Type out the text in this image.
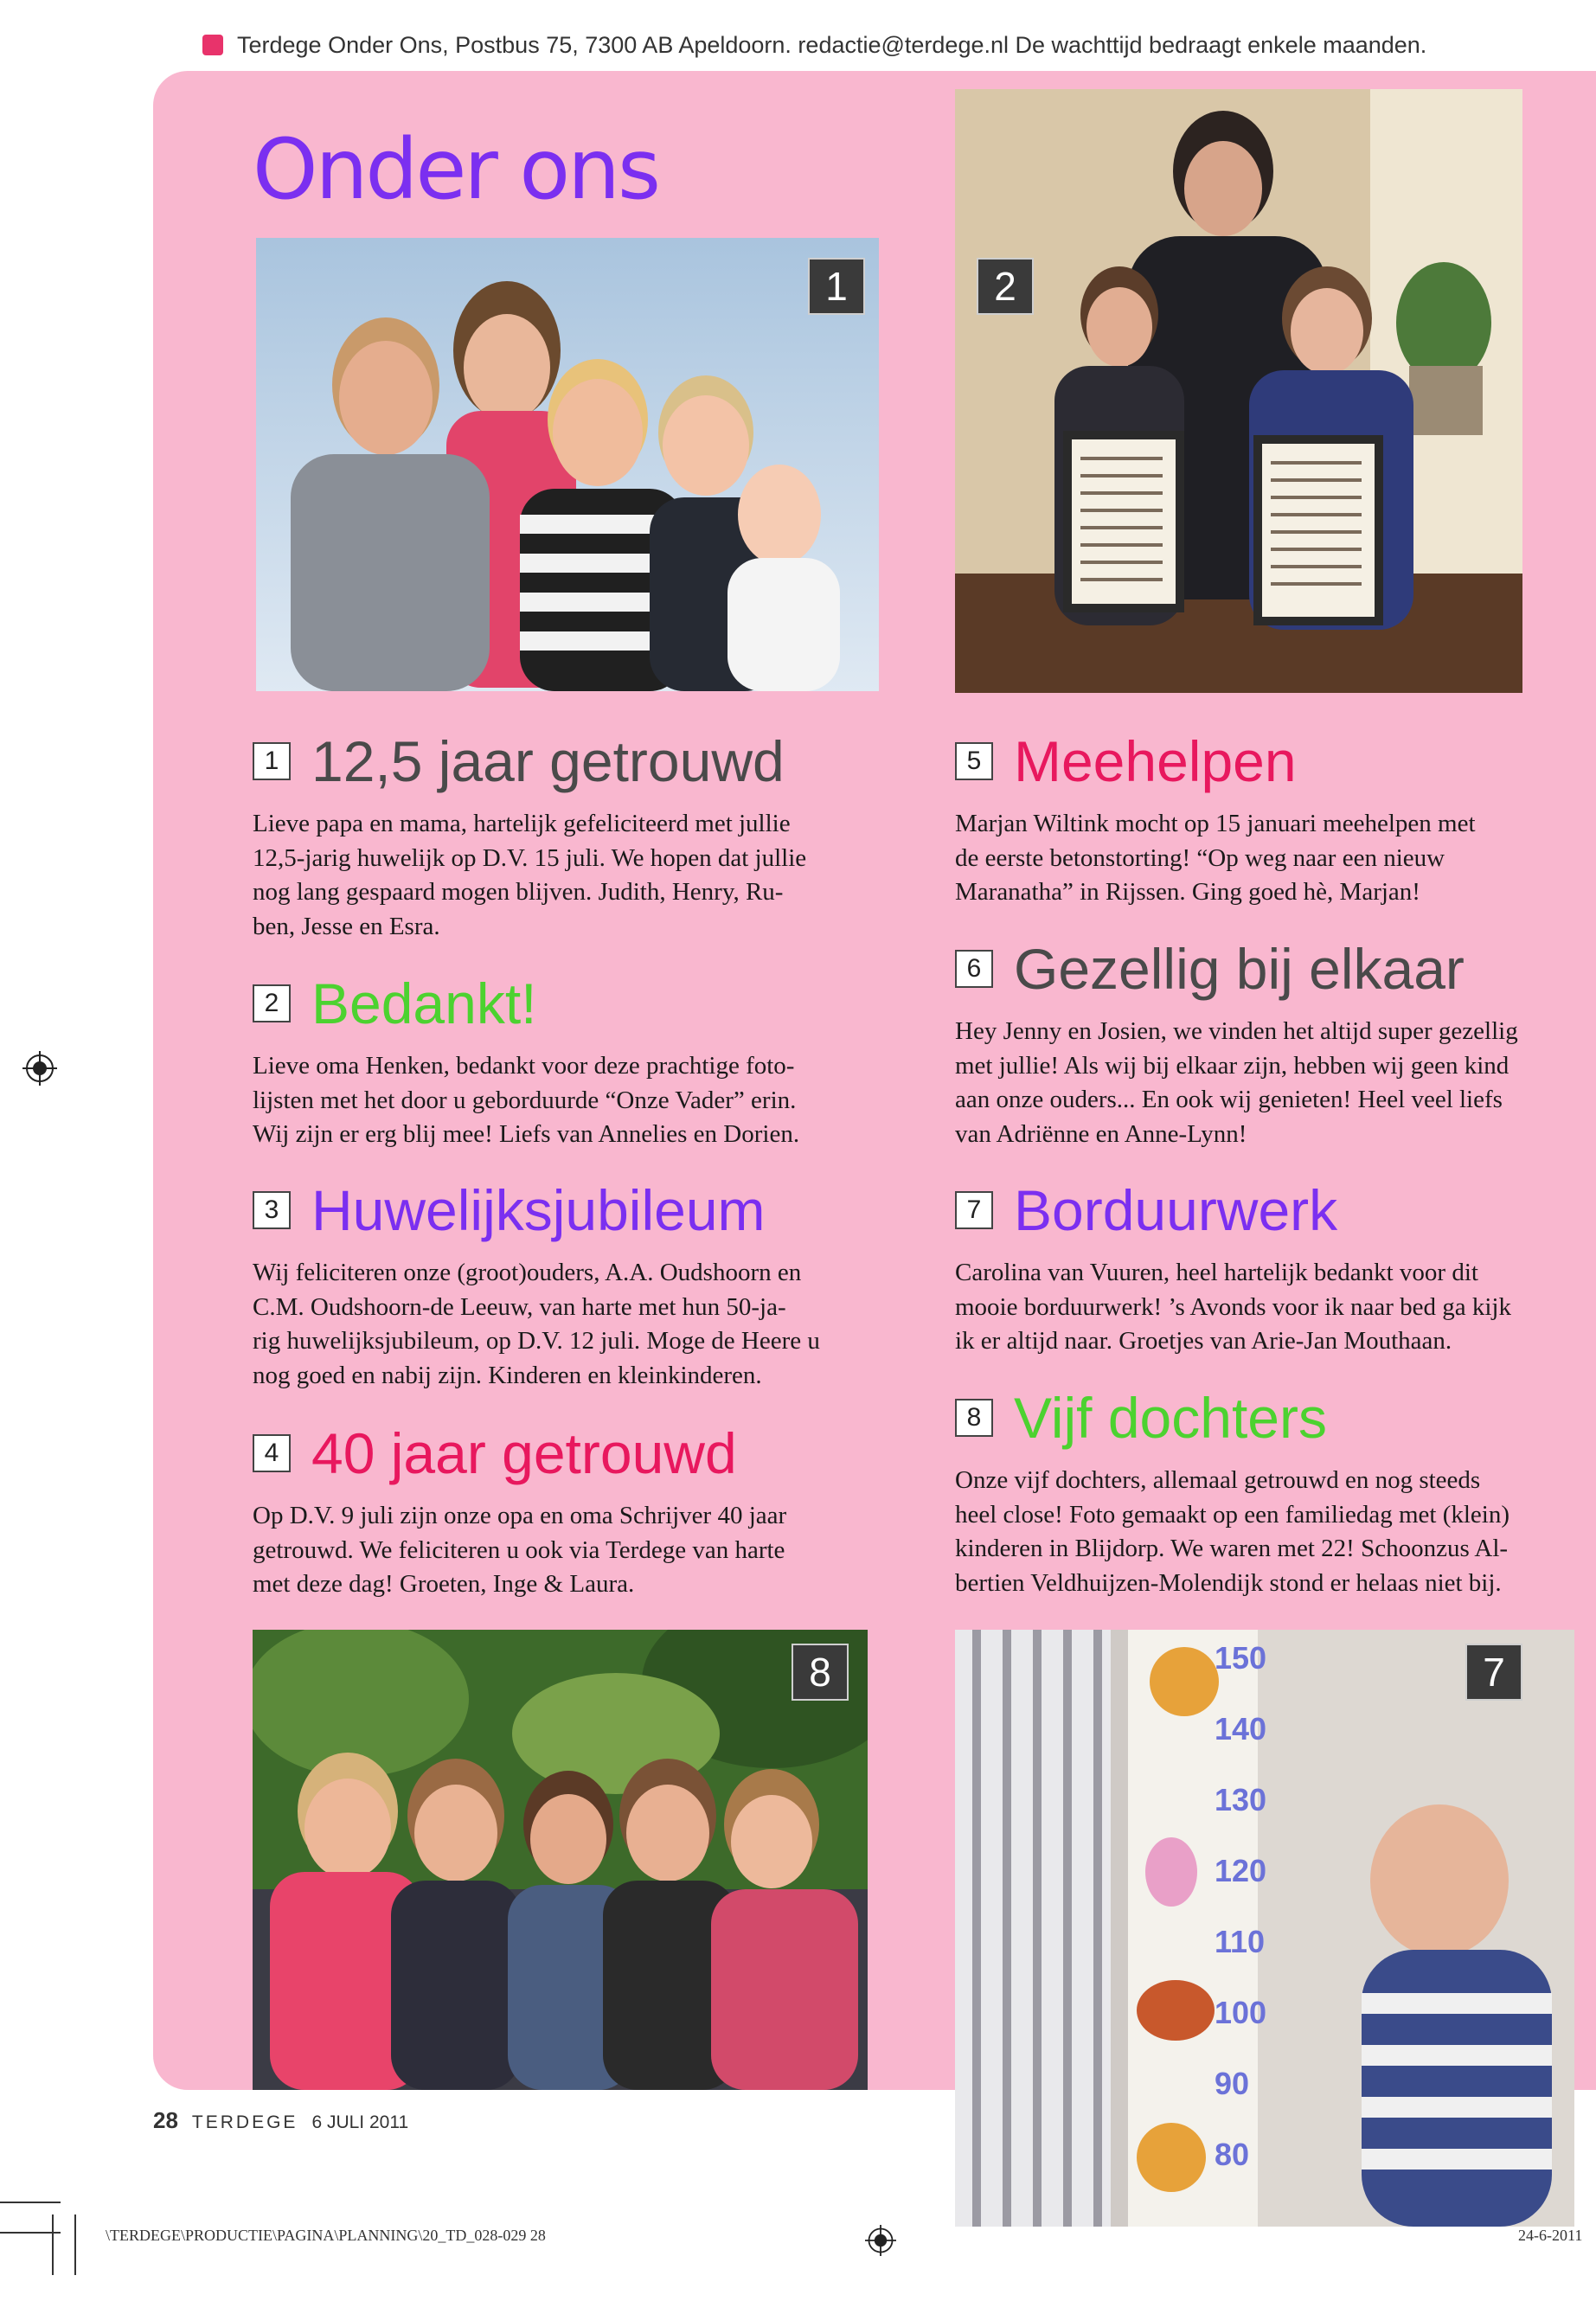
Terdege Onder Ons, Postbus 75, 7300 AB Apeldoorn. redactie@terdege.nl De wachttijd bedraagt enkele maanden.
Onder ons
1	2
1 12,5 jaar getrouwd
Lieve papa en mama, hartelijk gefeliciteerd met jullie
12,5-jarig huwelijk op D.V. 15 juli. We hopen dat jullie
nog lang gespaard mogen blijven. Judith, Henry, Ru-
ben, Jesse en Esra.
2 Bedankt!
Lieve oma Henken, bedankt voor deze prachtige foto-
lijsten met het door u geborduurde “Onze Vader” erin.
Wij zijn er erg blij mee! Liefs van Annelies en Dorien.
3 Huwelijksjubileum
Wij feliciteren onze (groot)ouders, A.A. Oudshoorn en
C.M. Oudshoorn-de Leeuw, van harte met hun 50-ja-
rig huwelijksjubileum, op D.V. 12 juli. Moge de Heere u
nog goed en nabij zijn. Kinderen en kleinkinderen.
4 40 jaar getrouwd
Op D.V. 9 juli zijn onze opa en oma Schrijver 40 jaar
getrouwd. We feliciteren u ook via Terdege van harte
met deze dag! Groeten, Inge & Laura.
5 Meehelpen
Marjan Wiltink mocht op 15 januari meehelpen met
de eerste betonstorting! “Op weg naar een nieuw
Maranatha” in Rijssen. Ging goed hè, Marjan!
6 Gezellig bij elkaar
Hey Jenny en Josien, we vinden het altijd super gezellig
met jullie! Als wij bij elkaar zijn, hebben wij geen kind
aan onze ouders... En ook wij genieten! Heel veel liefs
van Adriënne en Anne-Lynn!
7 Borduurwerk
Carolina van Vuuren, heel hartelijk bedankt voor dit
mooie borduurwerk! ’s Avonds voor ik naar bed ga kijk
ik er altijd naar. Groetjes van Arie-Jan Mouthaan.
8 Vijf dochters
Onze vijf dochters, allemaal getrouwd en nog steeds
heel close! Foto gemaakt op een familiedag met (klein)
kinderen in Blijdorp. We waren met 22! Schoonzus Al-
bertien Veldhuijzen-Molendijk stond er helaas niet bij.
8	150
140
130
120
110
100
90
80
7
28 TERDEGE 6 JULI 2011
\TERDEGE\PRODUCTIE\PAGINA\PLANNING\20_TD_028-029 28	24-6-2011
